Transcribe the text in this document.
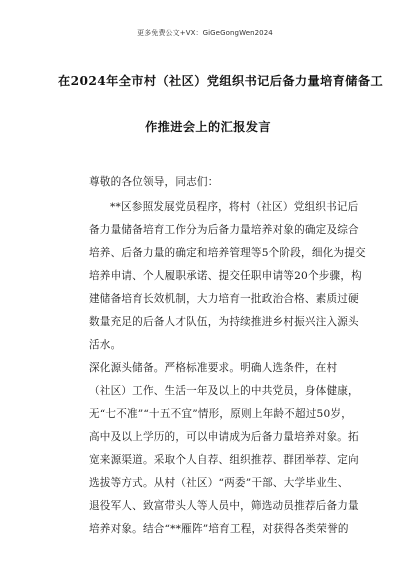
更多免费公文+VX：GiGeGongWen2024
在2024年全市村（社区）党组织书记后备力量培育储备工
作推进会上的汇报发言
尊敬的各位领导，同志们：
**区参照发展党员程序，将村（社区）党组织书记后
备力量储备培育工作分为后备力量培养对象的确定及综合
培养、后备力量的确定和培养管理等5个阶段，细化为提交
培养申请、个人履职承诺、提交任职申请等20个步骤，构
建储备培育长效机制，大力培育一批政治合格、素质过硬
数量充足的后备人才队伍，为持续推进乡村振兴注入源头
活水。
深化源头储备。严格标准要求。明确人选条件，在村
（社区）工作、生活一年及以上的中共党员，身体健康，
无“七不准”“十五不宜”情形，原则上年龄不超过50岁，
高中及以上学历的，可以申请成为后备力量培养对象。拓
宽来源渠道。采取个人自荐、组织推荐、群团举荐、定向
选拔等方式。从村（社区）“两委”干部、大学毕业生、
退役军人、致富带头人等人员中，筛选动员推荐后备力量
培养对象。结合“**雁阵”培育工程，对获得各类荣誉的
